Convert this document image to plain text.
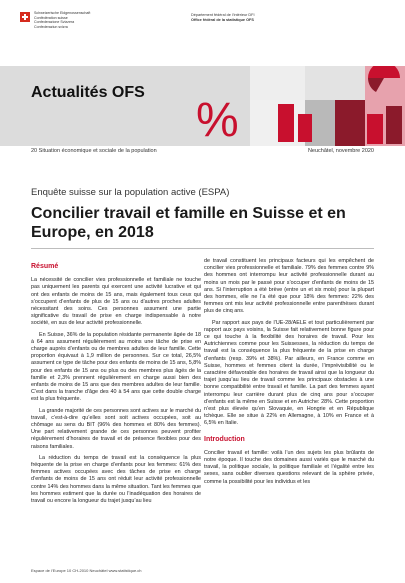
Schweizerische Eidgenossenschaft
Confédération suisse
Confederazione Svizzera
Confederaziun svizra
Département fédéral de l’intérieur DFI
Office fédéral de la statistique OFS
Actualités OFS
%
20 Situation économique et sociale de la population	Neuchâtel, novembre 2020
Enquête suisse sur la population active (ESPA)
Concilier travail et famille en Suisse et en Europe, en 2018
Résumé

La nécessité de concilier vies professionnelle et familiale ne touche pas uniquement les parents qui exercent une activité lucrative et qui ont des enfants de moins de 15 ans, mais également tous ceux qui s’occupent d’enfants de plus de 15 ans ou d’autres proches adultes nécessitant des soins. Ces personnes assument une partie significative du travail de prise en charge indispensable à notre société, en sus de leur activité professionnelle.

En Suisse, 36% de la population résidante permanente âgée de 18 à 64 ans assument régulièrement au moins une tâche de prise en charge auprès d’enfants ou de membres adultes de leur famille. Cette proportion équivaut à 1,9 million de personnes. Sur ce total, 26,5% assument ce type de tâche pour des enfants de moins de 15 ans, 5,8% pour des enfants de 15 ans ou plus ou des membres plus âgés de la famille et 2,3% prennent régulièrement en charge aussi bien des enfants de moins de 15 ans que des membres adultes de leur famille. C’est dans la tranche d’âge des 40 à 54 ans que cette double charge est la plus fréquente.

La grande majorité de ces personnes sont actives sur le marché du travail, c’est-à-dire qu’elles sont soit actives occupées, soit au chômage au sens du BIT (96% des hommes et 80% des femmes). Une part relativement grande de ces personnes peuvent profiter régulièrement d’horaires de travail et de présence flexibles pour des raisons familiales.

La réduction du temps de travail est la conséquence la plus fréquente de la prise en charge d’enfants pour les femmes: 61% des femmes actives occupées avec des tâches de prise en charge d’enfants de moins de 15 ans ont réduit leur activité professionnelle contre 14% des hommes dans la même situation. Tant les femmes que les hommes estiment que la durée ou l’inadéquation des horaires de travail ou encore la longueur du trajet jusqu’au lieu

de travail constituent les principaux facteurs qui les empêchent de concilier vies professionnelle et familiale. 79% des femmes contre 9% des hommes ont interrompu leur activité professionnelle durant au moins un mois par le passé pour s’occuper d’enfants de moins de 15 ans. Si l’interruption a été brève (entre un et six mois) pour la plupart des hommes, elle ne l’a été que pour 18% des femmes: 22% des femmes ont mis leur activité professionnelle entre parenthèses durant plus de cinq ans.

Par rapport aux pays de l’UE-28/AELE et tout particulièrement par rapport aux pays voisins, la Suisse fait relativement bonne figure pour ce qui touche à la flexibilité des horaires de travail. Pour les Autrichiennes comme pour les Suissesses, la réduction du temps de travail est la conséquence la plus fréquente de la prise en charge d’enfants (resp. 39% et 38%). Par ailleurs, en France comme en Suisse, hommes et femmes citent la durée, l’imprévisibilité ou le caractère défavorable des horaires de travail ainsi que la longueur du trajet jusqu’au lieu de travail comme les principaux obstacles à une bonne compatibilité entre travail et famille. La part des femmes ayant interrompu leur carrière durant plus de cinq ans pour s’occuper d’enfants est la même en Suisse et en Autriche: 28%. Cette proportion n’est plus élevée qu’en Slovaquie, en Hongrie et en République tchèque. Elle se situe à 22% en Allemagne, à 10% en France et à 6,5% en Italie.

Introduction

Concilier travail et famille: voilà l’un des sujets les plus brûlants de notre époque. Il touche des domaines aussi variés que le marché du travail, la politique sociale, la politique familiale et l’égalité entre les sexes, sans oublier diverses questions relevant de la sphère privée, comme la possibilité pour les individus et les

Espace de l’Europe 10 CH-2010 Neuchâtel www.statistique.ch
